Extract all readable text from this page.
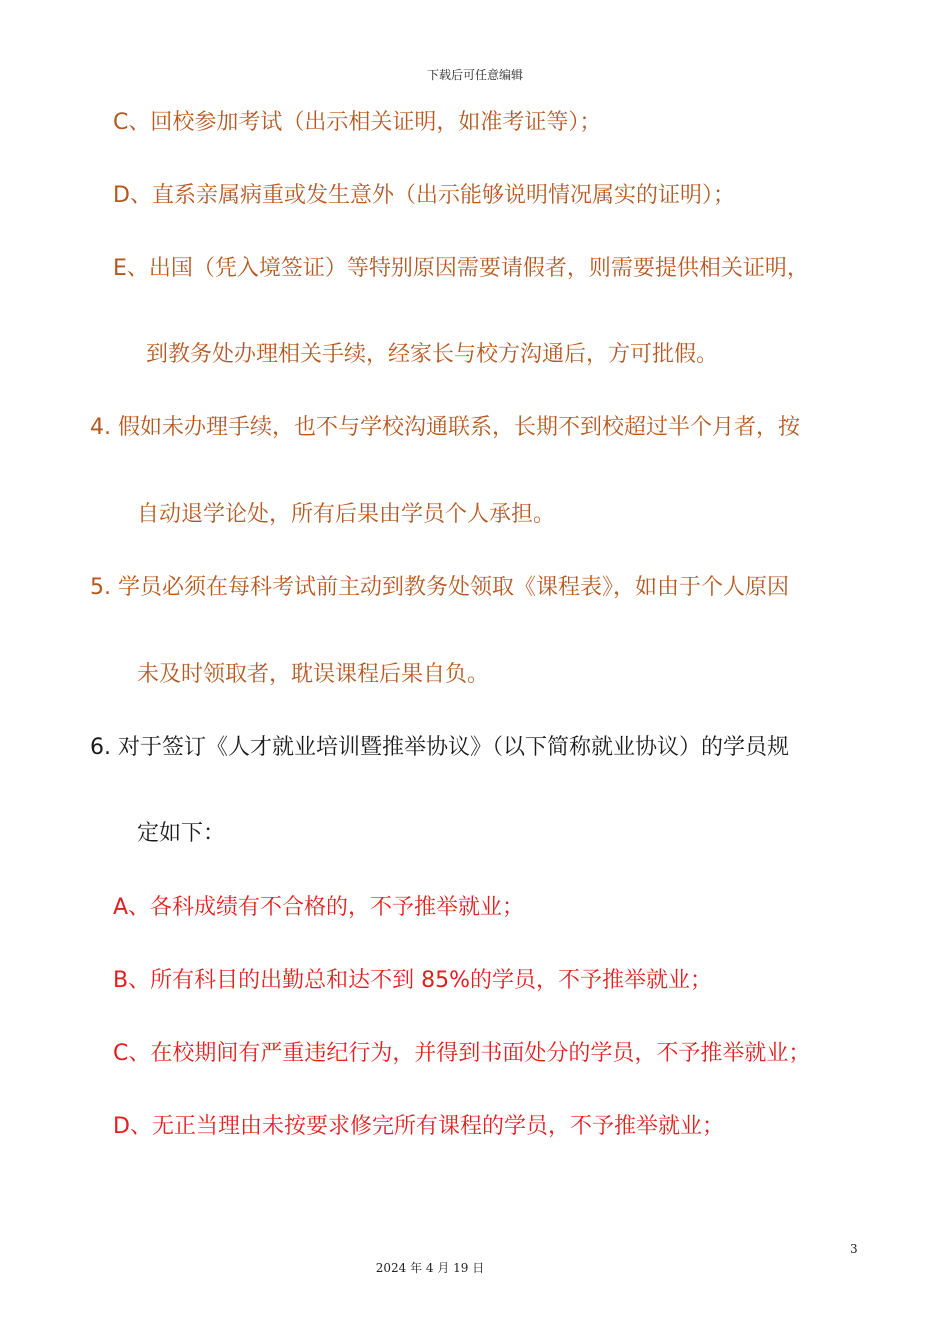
下载后可任意编辑
C、回校参加考试（出示相关证明，如准考证等）；
D、直系亲属病重或发生意外（出示能够说明情况属实的证明）；
E、出国（凭入境签证）等特别原因需要请假者，则需要提供相关证明，
到教务处办理相关手续，经家长与校方沟通后，方可批假。
4. 假如未办理手续，也不与学校沟通联系，长期不到校超过半个月者，按
自动退学论处，所有后果由学员个人承担。
5. 学员必须在每科考试前主动到教务处领取《课程表》，如由于个人原因
未及时领取者，耽误课程后果自负。
6. 对于签订《人才就业培训暨推举协议》（以下简称就业协议）的学员规
定如下：
A、各科成绩有不合格的，不予推举就业；
B、所有科目的出勤总和达不到 85%的学员，不予推举就业；
C、在校期间有严重违纪行为，并得到书面处分的学员，不予推举就业；
D、无正当理由未按要求修完所有课程的学员，不予推举就业；
3
2024 年 4 月 19 日
